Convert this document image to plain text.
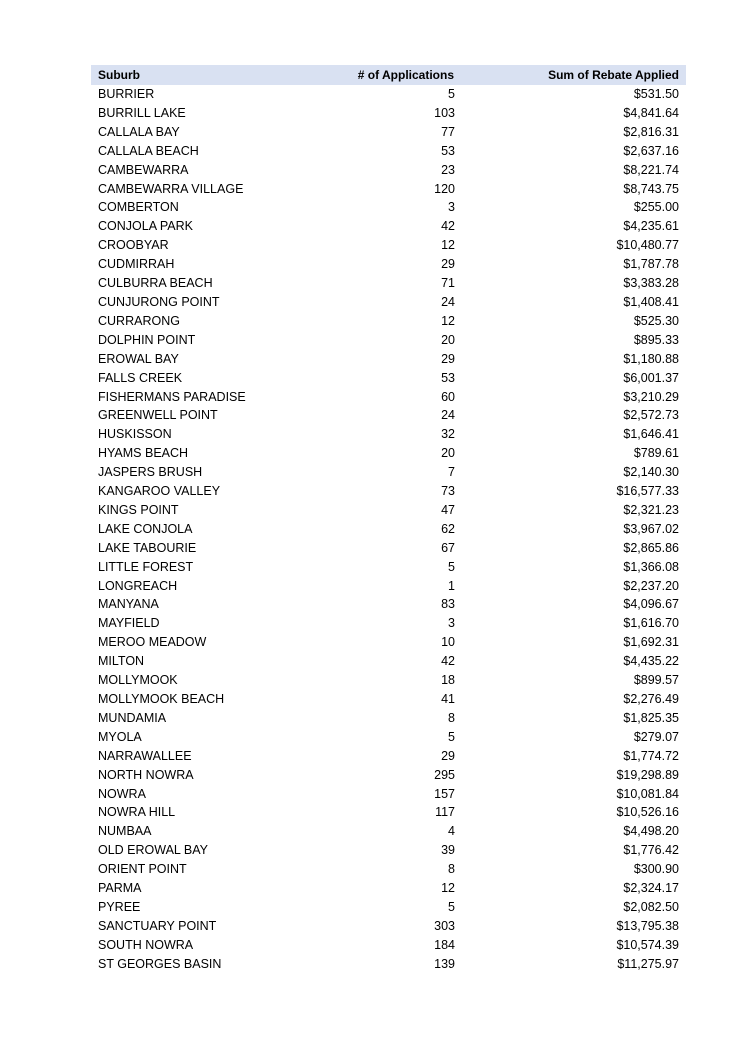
Suburb	# of Applications	Sum of Rebate Applied
BURRIER	5	$531.50
BURRILL LAKE	103	$4,841.64
CALLALA BAY	77	$2,816.31
CALLALA BEACH	53	$2,637.16
CAMBEWARRA	23	$8,221.74
CAMBEWARRA VILLAGE	120	$8,743.75
COMBERTON	3	$255.00
CONJOLA PARK	42	$4,235.61
CROOBYAR	12	$10,480.77
CUDMIRRAH	29	$1,787.78
CULBURRA BEACH	71	$3,383.28
CUNJURONG POINT	24	$1,408.41
CURRARONG	12	$525.30
DOLPHIN POINT	20	$895.33
EROWAL BAY	29	$1,180.88
FALLS CREEK	53	$6,001.37
FISHERMANS PARADISE	60	$3,210.29
GREENWELL POINT	24	$2,572.73
HUSKISSON	32	$1,646.41
HYAMS BEACH	20	$789.61
JASPERS BRUSH	7	$2,140.30
KANGAROO VALLEY	73	$16,577.33
KINGS POINT	47	$2,321.23
LAKE CONJOLA	62	$3,967.02
LAKE TABOURIE	67	$2,865.86
LITTLE FOREST	5	$1,366.08
LONGREACH	1	$2,237.20
MANYANA	83	$4,096.67
MAYFIELD	3	$1,616.70
MEROO MEADOW	10	$1,692.31
MILTON	42	$4,435.22
MOLLYMOOK	18	$899.57
MOLLYMOOK BEACH	41	$2,276.49
MUNDAMIA	8	$1,825.35
MYOLA	5	$279.07
NARRAWALLEE	29	$1,774.72
NORTH NOWRA	295	$19,298.89
NOWRA	157	$10,081.84
NOWRA HILL	117	$10,526.16
NUMBAA	4	$4,498.20
OLD EROWAL BAY	39	$1,776.42
ORIENT POINT	8	$300.90
PARMA	12	$2,324.17
PYREE	5	$2,082.50
SANCTUARY POINT	303	$13,795.38
SOUTH NOWRA	184	$10,574.39
ST GEORGES BASIN	139	$11,275.97
